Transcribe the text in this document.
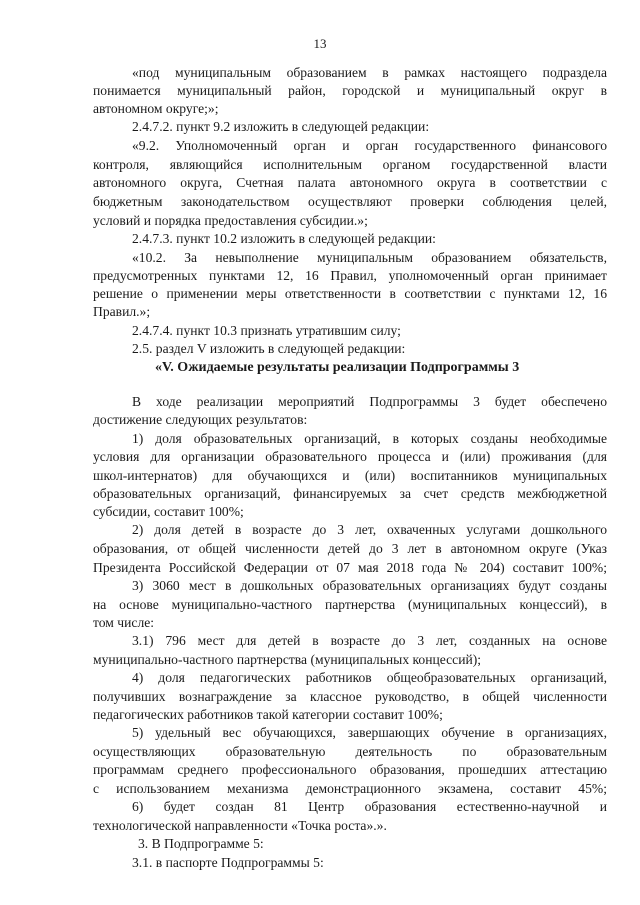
13

«под муниципальным образованием в рамках настоящего подраздела

понимается муниципальный район, городской и муниципальный округ в

автономном округе;»;

2.4.7.2. пункт 9.2 изложить в следующей редакции:

«9.2. Уполномоченный орган и орган государственного финансового

контроля, являющийся исполнительным органом государственной власти

автономного округа, Счетная палата автономного округа в соответствии с

бюджетным законодательством осуществляют проверки соблюдения целей,

условий и порядка предоставления субсидии.»;

2.4.7.3. пункт 10.2 изложить в следующей редакции:

«10.2. За невыполнение муниципальным образованием обязательств,

предусмотренных пунктами 12, 16 Правил, уполномоченный орган принимает

решение о применении меры ответственности в соответствии с пунктами 12, 16

Правил.»;

2.4.7.4. пункт 10.3 признать утратившим силу;

2.5. раздел V изложить в следующей редакции:

«V. Ожидаемые результаты реализации Подпрограммы 3

В ходе реализации мероприятий Подпрограммы 3 будет обеспечено

достижение следующих результатов:

1) доля образовательных организаций, в которых созданы необходимые

условия для организации образовательного процесса и (или) проживания (для

школ-интернатов) для обучающихся и (или) воспитанников муниципальных

образовательных организаций, финансируемых за счет средств межбюджетной

субсидии, составит 100%;

2) доля детей в возрасте до 3 лет, охваченных услугами дошкольного

образования, от общей численности детей до 3 лет в автономном округе (Указ

Президента Российской Федерации от 07 мая 2018 года № 204) составит 100%;

3) 3060 мест в дошкольных образовательных организациях будут созданы

на основе муниципально-частного партнерства (муниципальных концессий), в

том числе:

3.1) 796 мест для детей в возрасте до 3 лет, созданных на основе

муниципально-частного партнерства (муниципальных концессий);

4) доля педагогических работников общеобразовательных организаций,

получивших вознаграждение за классное руководство, в общей численности

педагогических работников такой категории составит 100%;

5) удельный вес обучающихся, завершающих обучение в организациях,

осуществляющих образовательную деятельность по образовательным

программам среднего профессионального образования, прошедших аттестацию

с использованием механизма демонстрационного экзамена, составит 45%;

6) будет создан 81 Центр образования естественно-научной и

технологической направленности «Точка роста».».

3. В Подпрограмме 5:

3.1. в паспорте Подпрограммы 5:
